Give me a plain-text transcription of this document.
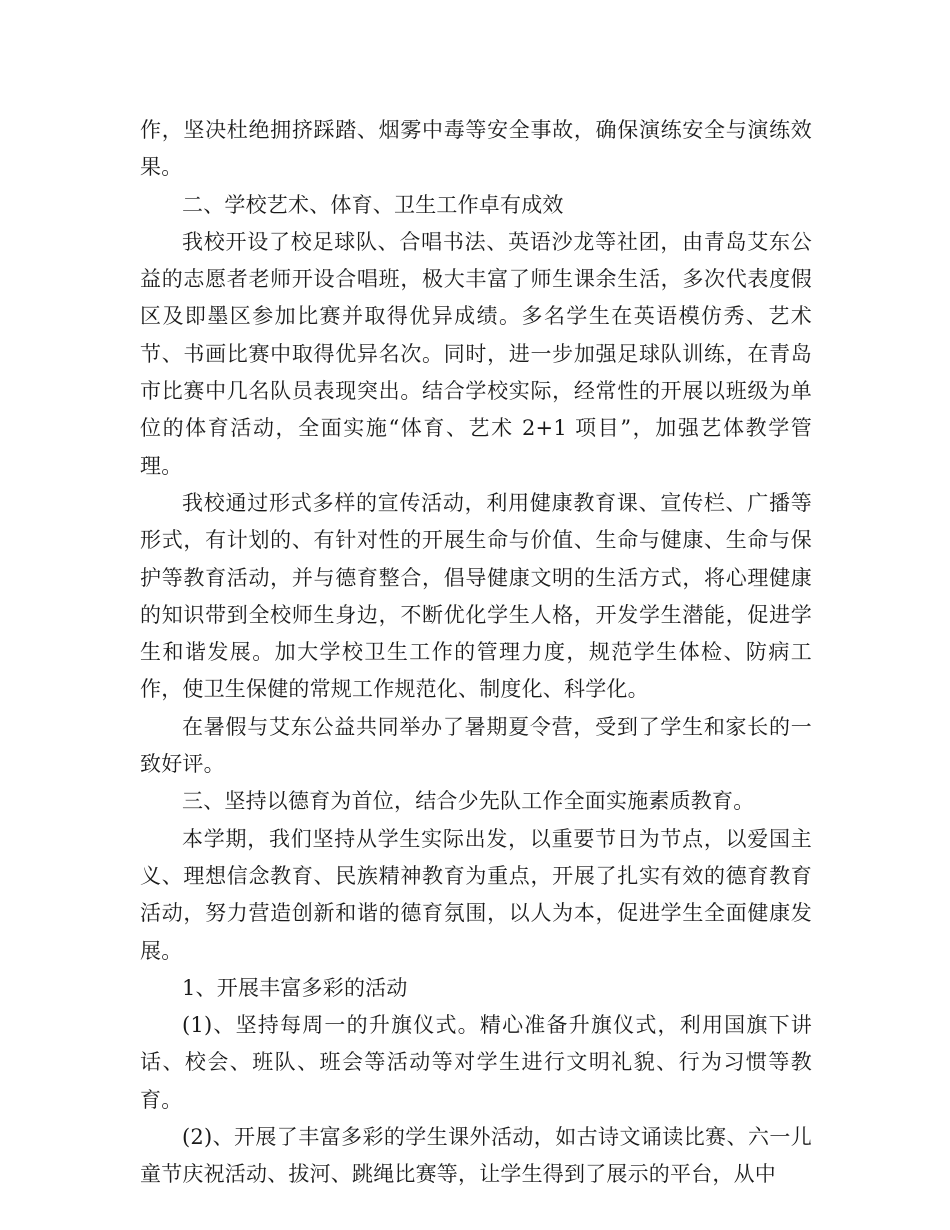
作，坚决杜绝拥挤踩踏、烟雾中毒等安全事故，确保演练安全与演练效果。

二、学校艺术、体育、卫生工作卓有成效

我校开设了校足球队、合唱书法、英语沙龙等社团，由青岛艾东公益的志愿者老师开设合唱班，极大丰富了师生课余生活，多次代表度假区及即墨区参加比赛并取得优异成绩。多名学生在英语模仿秀、艺术节、书画比赛中取得优异名次。同时，进一步加强足球队训练，在青岛市比赛中几名队员表现突出。结合学校实际，经常性的开展以班级为单位的体育活动，全面实施“体育、艺术 2+1 项目”，加强艺体教学管理。

我校通过形式多样的宣传活动，利用健康教育课、宣传栏、广播等形式，有计划的、有针对性的开展生命与价值、生命与健康、生命与保护等教育活动，并与德育整合，倡导健康文明的生活方式，将心理健康的知识带到全校师生身边，不断优化学生人格，开发学生潜能，促进学生和谐发展。加大学校卫生工作的管理力度，规范学生体检、防病工作，使卫生保健的常规工作规范化、制度化、科学化。

在暑假与艾东公益共同举办了暑期夏令营，受到了学生和家长的一致好评。

三、坚持以德育为首位，结合少先队工作全面实施素质教育。

本学期，我们坚持从学生实际出发，以重要节日为节点，以爱国主义、理想信念教育、民族精神教育为重点，开展了扎实有效的德育教育活动，努力营造创新和谐的德育氛围，以人为本，促进学生全面健康发展。

1、开展丰富多彩的活动

(1)、坚持每周一的升旗仪式。精心准备升旗仪式，利用国旗下讲话、校会、班队、班会等活动等对学生进行文明礼貌、行为习惯等教育。

(2)、开展了丰富多彩的学生课外活动，如古诗文诵读比赛、六一儿童节庆祝活动、拔河、跳绳比赛等，让学生得到了展示的平台，从中
